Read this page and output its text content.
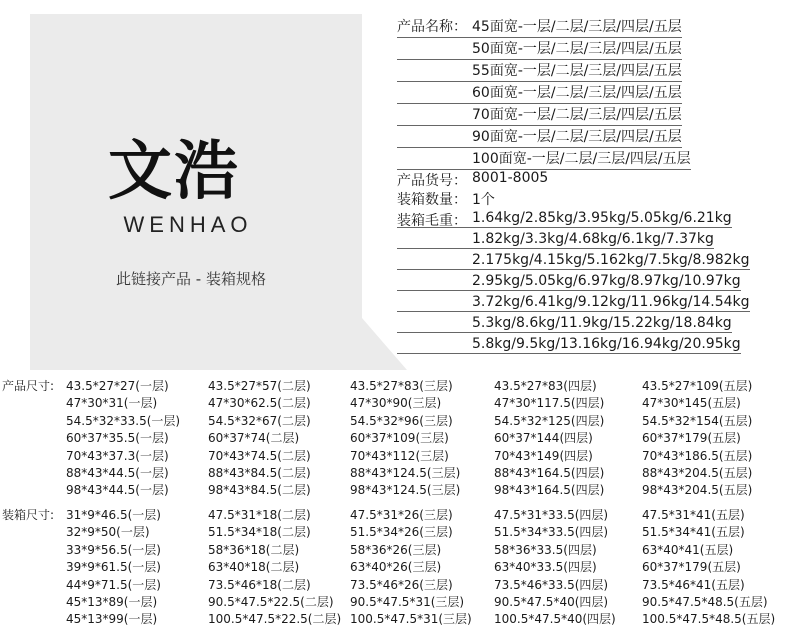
文浩
WENHAO
此链接产品 - 装箱规格
产品名称： 45面宽-一层/二层/三层/四层/五层
50面宽-一层/二层/三层/四层/五层
55面宽-一层/二层/三层/四层/五层
60面宽-一层/二层/三层/四层/五层
70面宽-一层/二层/三层/四层/五层
90面宽-一层/二层/三层/四层/五层
100面宽-一层/二层/三层/四层/五层
产品货号： 8001-8005
装箱数量： 1个
装箱毛重： 1.64kg/2.85kg/3.95kg/5.05kg/6.21kg
1.82kg/3.3kg/4.68kg/6.1kg/7.37kg
2.175kg/4.15kg/5.162kg/7.5kg/8.982kg
2.95kg/5.05kg/6.97kg/8.97kg/10.97kg
3.72kg/6.41kg/9.12kg/11.96kg/14.54kg
5.3kg/8.6kg/11.9kg/15.22kg/18.84kg
5.8kg/9.5kg/13.16kg/16.94kg/20.95kg
产品尺寸: 43.5*27*27(一层)	43.5*27*57(二层)	43.5*27*83(三层)	43.5*27*83(四层)	43.5*27*109(五层)
47*30*31(一层)	47*30*62.5(二层)	47*30*90(三层)	47*30*117.5(四层)	47*30*145(五层)
54.5*32*33.5(一层) 54.5*32*67(二层)	54.5*32*96(三层)	54.5*32*125(四层)	54.5*32*154(五层)
60*37*35.5(一层)	60*37*74(二层)	60*37*109(三层)	60*37*144(四层)	60*37*179(五层)
70*43*37.3(一层)	70*43*74.5(二层)	70*43*112(三层)	70*43*149(四层)	70*43*186.5(五层)
88*43*44.5(一层)	88*43*84.5(二层)	88*43*124.5(三层)	88*43*164.5(四层)	88*43*204.5(五层)
98*43*44.5(一层)	98*43*84.5(二层)	98*43*124.5(三层)	98*43*164.5(四层)	98*43*204.5(五层)
装箱尺寸: 31*9*46.5(一层)	47.5*31*18(二层)	47.5*31*26(三层)	47.5*31*33.5(四层)	47.5*31*41(五层)
32*9*50(一层)	51.5*34*18(二层)	51.5*34*26(三层)	51.5*34*33.5(四层)	51.5*34*41(五层)
33*9*56.5(一层)	58*36*18(二层)	58*36*26(三层)	58*36*33.5(四层)	63*40*41(五层)
39*9*61.5(一层)	63*40*18(二层)	63*40*26(三层)	63*40*33.5(四层)	60*37*179(五层)
44*9*71.5(一层)	73.5*46*18(二层)	73.5*46*26(三层)	73.5*46*33.5(四层)	73.5*46*41(五层)
45*13*89(一层)	90.5*47.5*22.5(二层) 90.5*47.5*31(三层) 90.5*47.5*40(四层)	90.5*47.5*48.5(五层)
45*13*99(一层)	100.5*47.5*22.5(二层) 100.5*47.5*31(三层) 100.5*47.5*40(四层) 100.5*47.5*48.5(五层)
